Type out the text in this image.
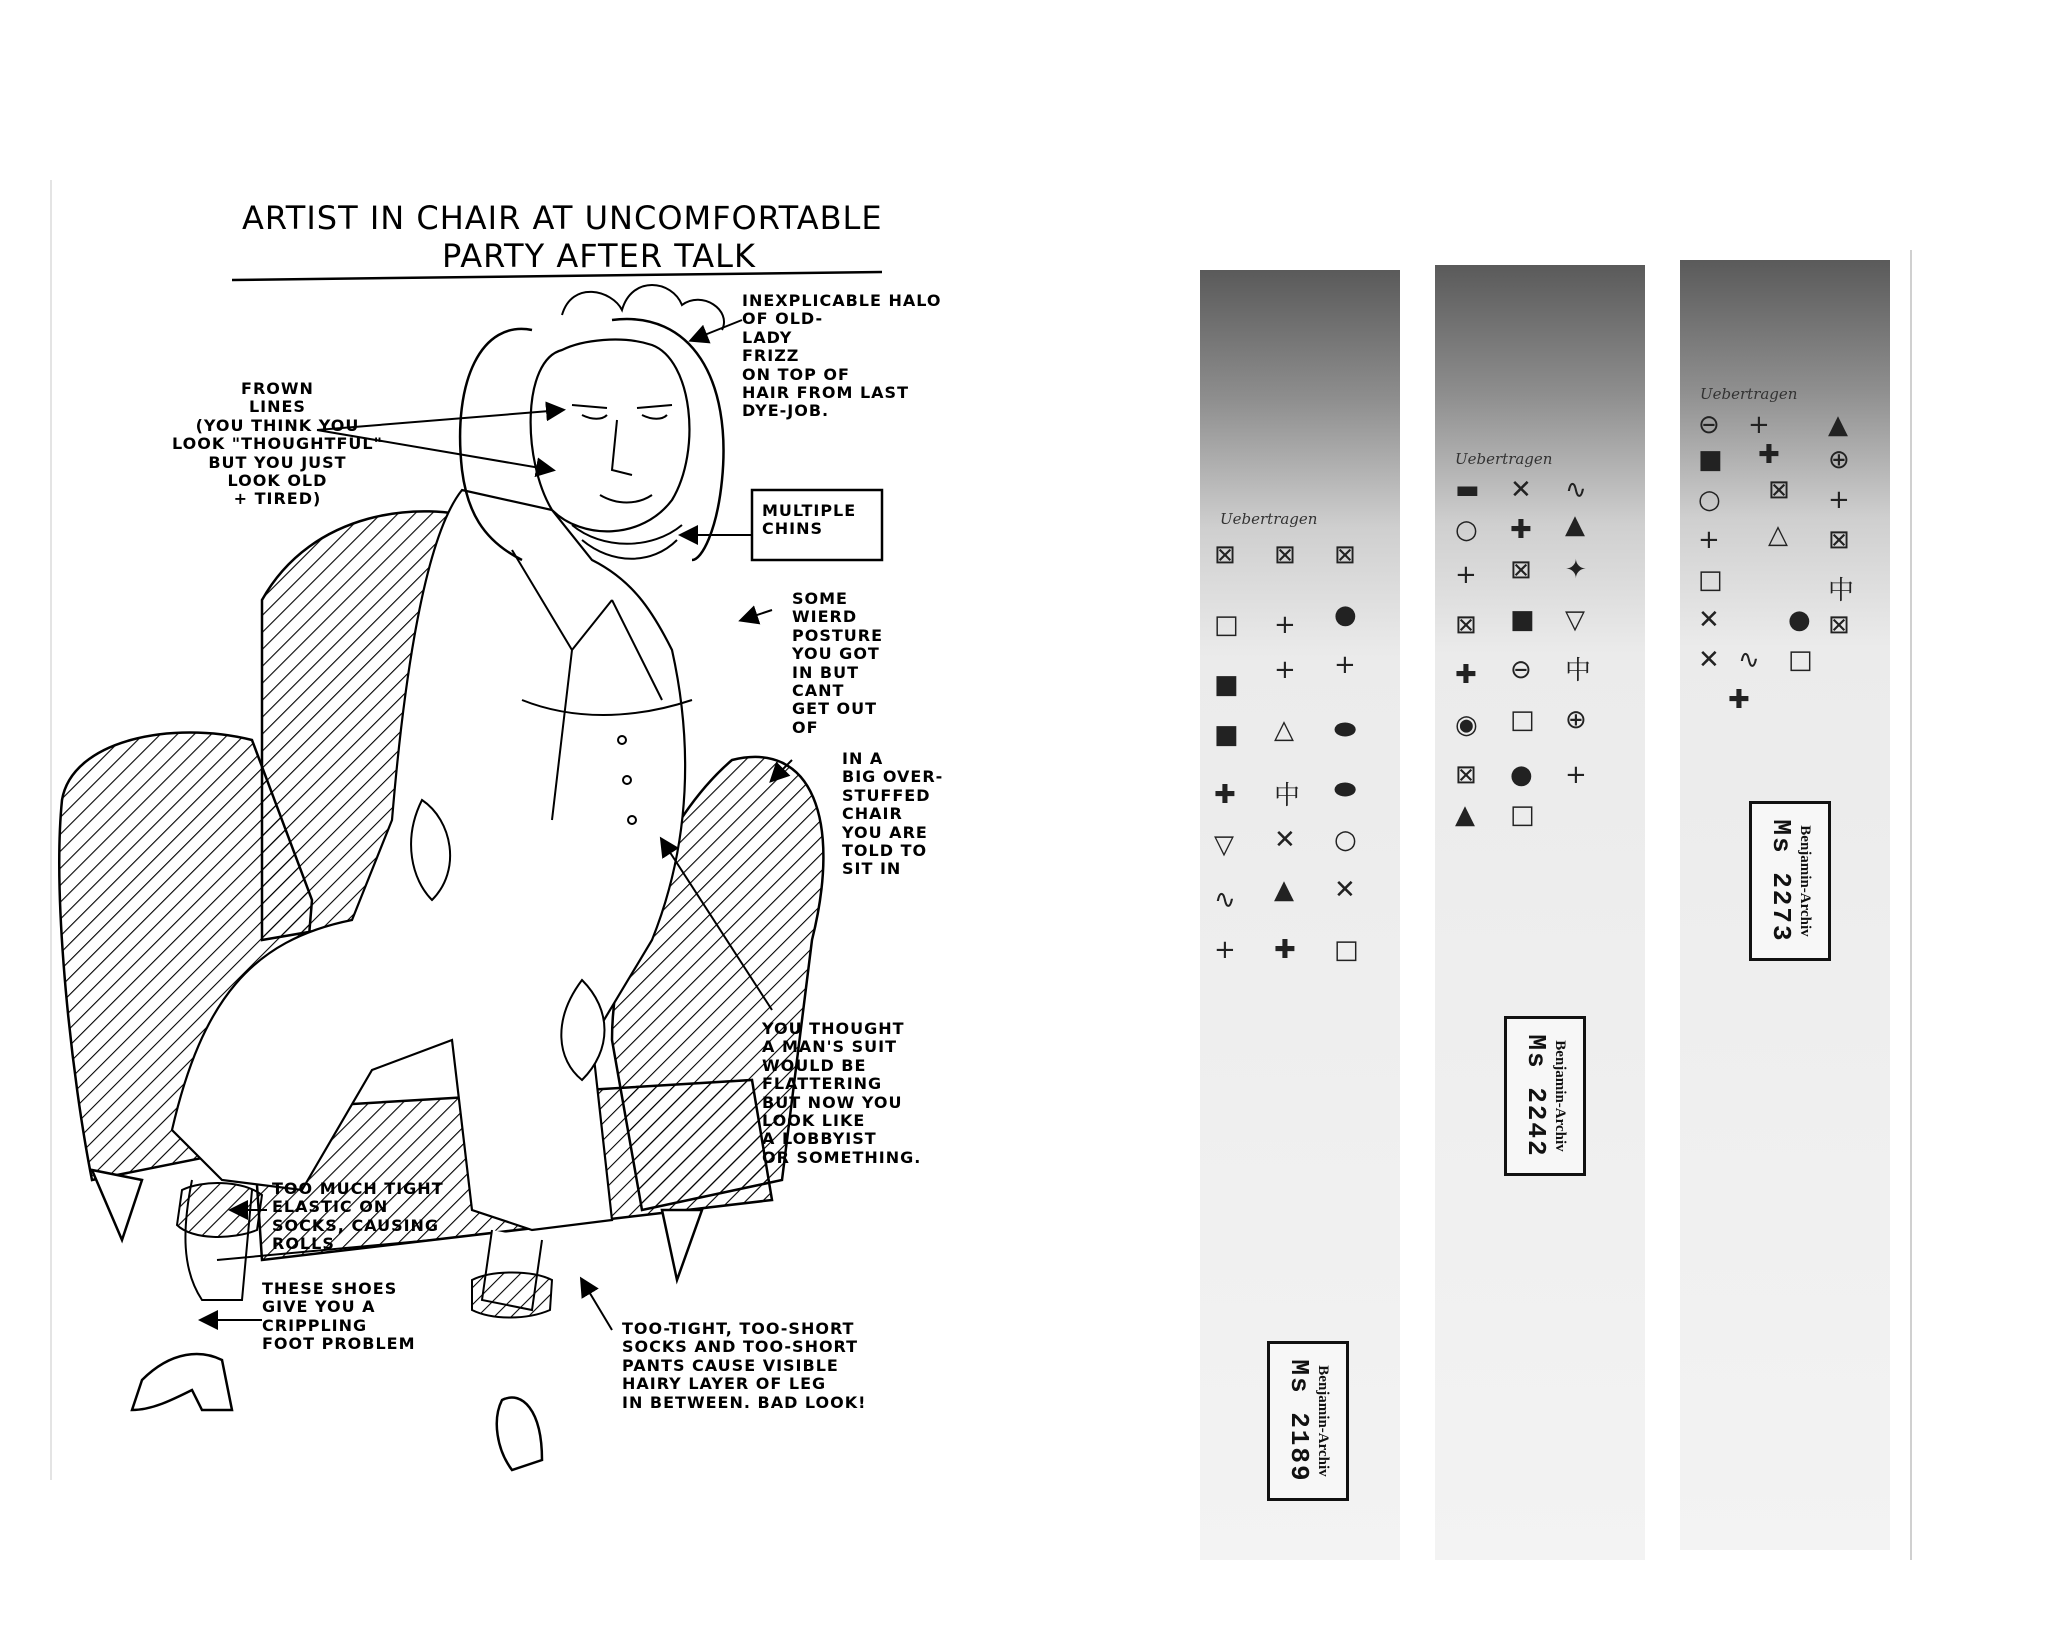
ARTIST IN CHAIR AT UNCOMFORTABLE
PARTY AFTER TALK
INEXPLICABLE HALO
OF OLD-
LADY
FRIZZ
ON TOP OF
HAIR FROM LAST
DYE-JOB.
FROWN
LINES
(YOU THINK YOU
LOOK "THOUGHTFUL"
BUT YOU JUST
LOOK OLD
+ TIRED)
MULTIPLE
CHINS
SOME
WIERD
POSTURE
YOU GOT
IN BUT
CANT
GET OUT
OF
IN A
BIG OVER-
STUFFED
CHAIR
YOU ARE
TOLD TO
SIT IN
YOU THOUGHT
A MAN'S SUIT
WOULD BE
FLATTERING
BUT NOW YOU
LOOK LIKE
A LOBBYIST
OR SOMETHING.
TOO MUCH TIGHT
ELASTIC ON
SOCKS, CAUSING
ROLLS
THESE SHOES
GIVE YOU A
CRIPPLING
FOOT PROBLEM
TOO-TIGHT, TOO-SHORT
SOCKS AND TOO-SHORT
PANTS CAUSE VISIBLE
HAIRY LAYER OF LEG
IN BETWEEN. BAD LOOK!
Uebertragen
⊠ ⊠ ⊠
□ + ●
■ + +
■ △ ⬬
✚ 中 ⬬
▽ ✕ ○
∿ ▲ ✕
+ ✚ □
Benjamin-Archiv
Ms 2189
Uebertragen
▬ ✕ ∿
○ ✚ ▲
+ ⊠ ✦
⊠ ■ ▽
✚ ⊖ 中
◉ □ ⊕
⊠ ● +
▲ □
Benjamin-Archiv
Ms 2242
Uebertragen
⊖ + ▲
■ ✚ ⊕
○ ⊠ +
+ △ ⊠
□
✕
中
✕
● ⊠
∿ □
✚
Benjamin-Archiv
Ms 2273
